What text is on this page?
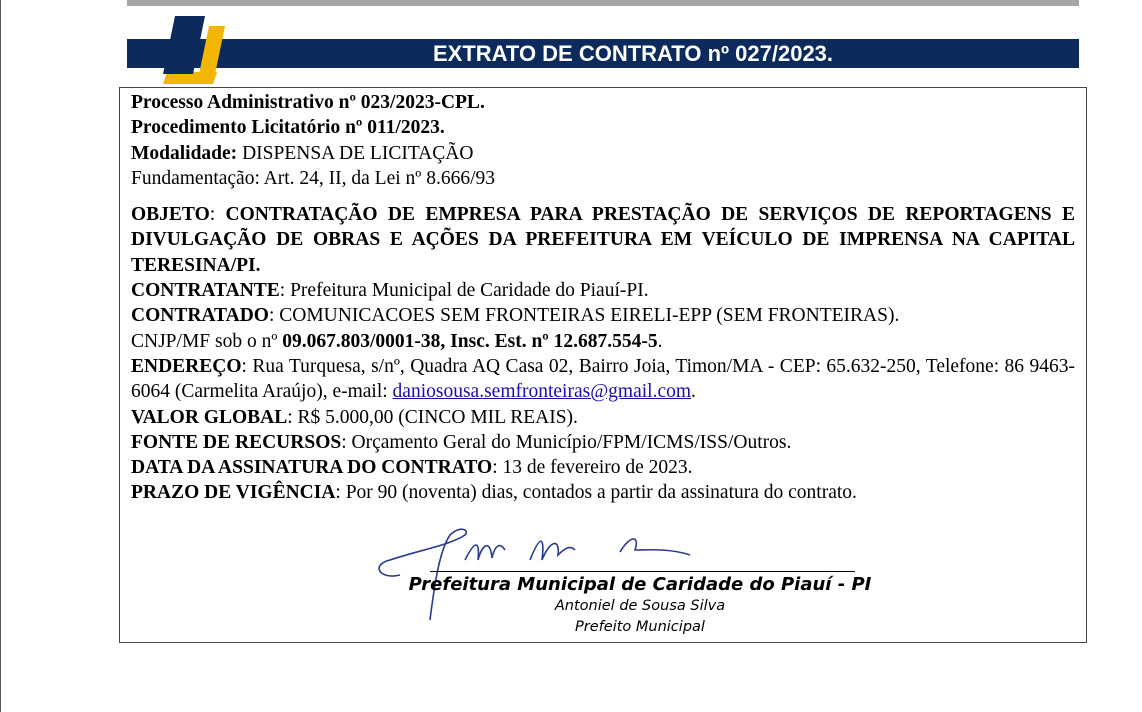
EXTRATO DE CONTRATO nº 027/2023.

Processo Administrativo nº 023/2023-CPL.

Procedimento Licitatório nº 011/2023.

Modalidade: DISPENSA DE LICITAÇÃO

Fundamentação: Art. 24, II, da Lei nº 8.666/93

OBJETO: CONTRATAÇÃO DE EMPRESA PARA PRESTAÇÃO DE SERVIÇOS DE REPORTAGENS E DIVULGAÇÃO DE OBRAS E AÇÕES DA PREFEITURA EM VEÍCULO DE IMPRENSA NA CAPITAL TERESINA/PI.

CONTRATANTE: Prefeitura Municipal de Caridade do Piauí-PI.

CONTRATADO: COMUNICACOES SEM FRONTEIRAS EIRELI-EPP (SEM FRONTEIRAS).

CNJP/MF sob o nº 09.067.803/0001-38, Insc. Est. nº 12.687.554-5.

ENDEREÇO: Rua Turquesa, s/nº, Quadra AQ Casa 02, Bairro Joia, Timon/MA - CEP: 65.632-250, Telefone: 86 9463-6064 (Carmelita Araújo), e-mail: daniosousa.semfronteiras@gmail.com.

VALOR GLOBAL: R$ 5.000,00 (CINCO MIL REAIS).

FONTE DE RECURSOS: Orçamento Geral do Município/FPM/ICMS/ISS/Outros.

DATA DA ASSINATURA DO CONTRATO: 13 de fevereiro de 2023.

PRAZO DE VIGÊNCIA: Por 90 (noventa) dias, contados a partir da assinatura do contrato.

Prefeitura Municipal de Caridade do Piauí - PI
Antoniel de Sousa Silva
Prefeito Municipal
